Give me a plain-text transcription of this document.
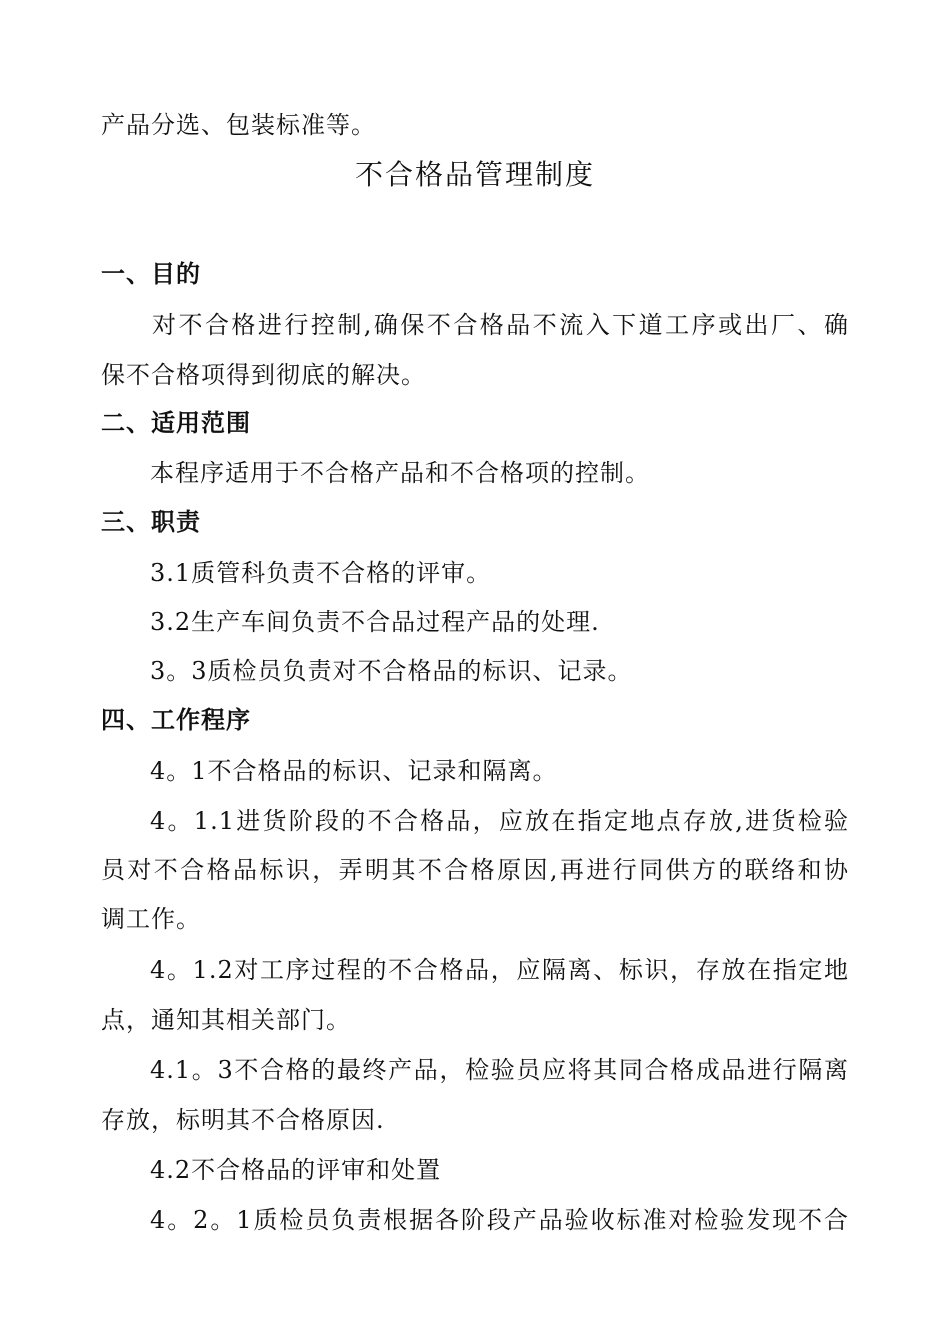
产品分选、包装标准等。
不合格品管理制度
一、目的
对不合格进行控制,确保不合格品不流入下道工序或出厂、确
保不合格项得到彻底的解决。
二、适用范围
本程序适用于不合格产品和不合格项的控制。
三、职责
3.1质管科负责不合格的评审。
3.2生产车间负责不合品过程产品的处理.
3。3质检员负责对不合格品的标识、记录。
四、工作程序
4。1不合格品的标识、记录和隔离。
4。1.1进货阶段的不合格品，应放在指定地点存放,进货检验
员对不合格品标识，弄明其不合格原因,再进行同供方的联络和协
调工作。
4。1.2对工序过程的不合格品，应隔离、标识，存放在指定地
点，通知其相关部门。
4.1。3不合格的最终产品，检验员应将其同合格成品进行隔离
存放，标明其不合格原因.
4.2不合格品的评审和处置
4。2。1质检员负责根据各阶段产品验收标准对检验发现不合
